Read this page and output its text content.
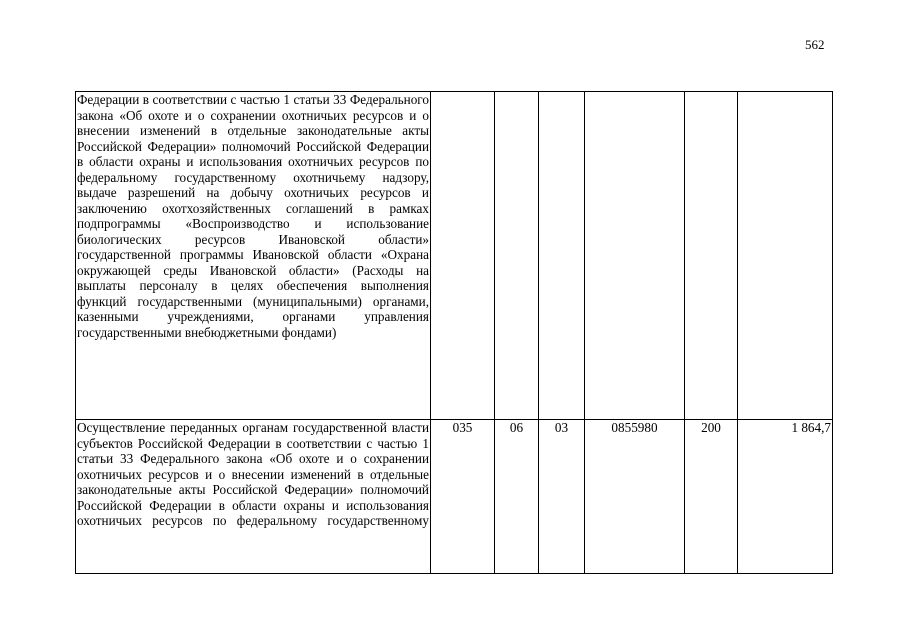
562
Федерации в соответствии с частью 1 статьи 33 Федерального закона «Об охоте и о сохранении охотничьих ресурсов и о внесении изменений в отдельные законодательные акты Российской Федерации» полномочий Российской Федерации в области охраны и использования охотничьих ресурсов по федеральному государственному охотничьему надзору, выдаче разрешений на добычу охотничьих ресурсов и заключению охотхозяйственных соглашений в рамках подпрограммы «Воспроизводство и использование биологических ресурсов Ивановской области» государственной программы Ивановской области «Охрана окружающей среды Ивановской области» (Расходы на выплаты персоналу в целях обеспечения выполнения функций государственными (муниципальными) органами, казенными учреждениями, органами управления государственными внебюджетными фондами)						
Осуществление переданных органам государственной власти субъектов Российской Федерации в соответствии с частью 1 статьи 33 Федерального закона «Об охоте и о сохранении охотничьих ресурсов и о внесении изменений в отдельные законодательные акты Российской Федерации» полномочий Российской Федерации в области охраны и использования охотничьих ресурсов по федеральному государственному	035	06	03	0855980	200	1 864,7
